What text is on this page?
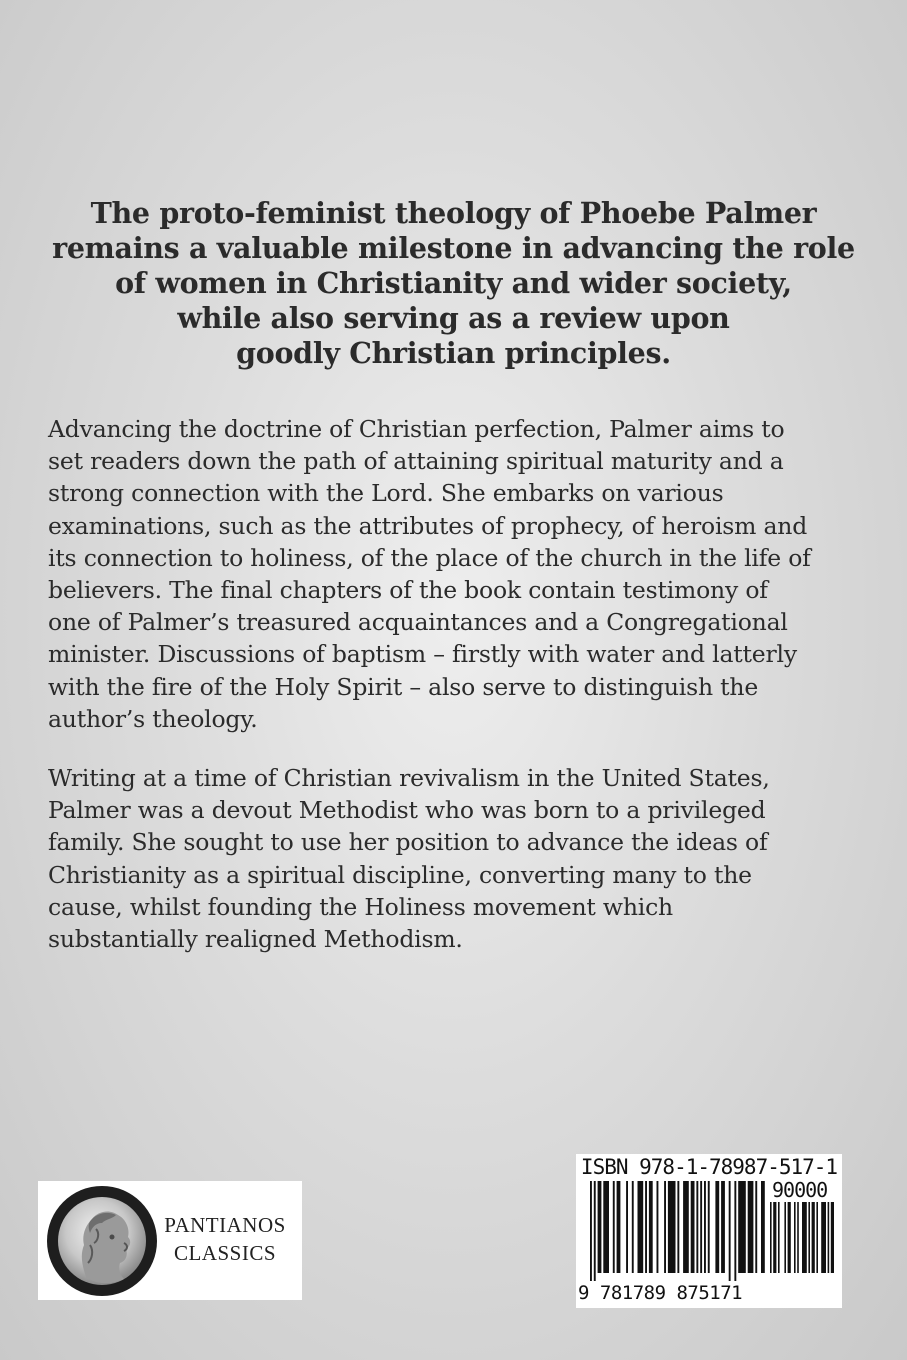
The proto-feminist theology of Phoebe Palmer
remains a valuable milestone in advancing the role
of women in Christianity and wider society,
while also serving as a review upon
goodly Christian principles.
Advancing the doctrine of Christian perfection, Palmer aims to
set readers down the path of attaining spiritual maturity and a
strong connection with the Lord. She embarks on various
examinations, such as the attributes of prophecy, of heroism and
its connection to holiness, of the place of the church in the life of
believers. The final chapters of the book contain testimony of
one of Palmer’s treasured acquaintances and a Congregational
minister. Discussions of baptism – firstly with water and latterly
with the fire of the Holy Spirit – also serve to distinguish the
author’s theology.
Writing at a time of Christian revivalism in the United States,
Palmer was a devout Methodist who was born to a privileged
family. She sought to use her position to advance the ideas of
Christianity as a spiritual discipline, converting many to the
cause, whilst founding the Holiness movement which
substantially realigned Methodism.
PANTIANOS
CLASSICS
ISBN 978-1-78987-517-1
90000
9 781789 875171
